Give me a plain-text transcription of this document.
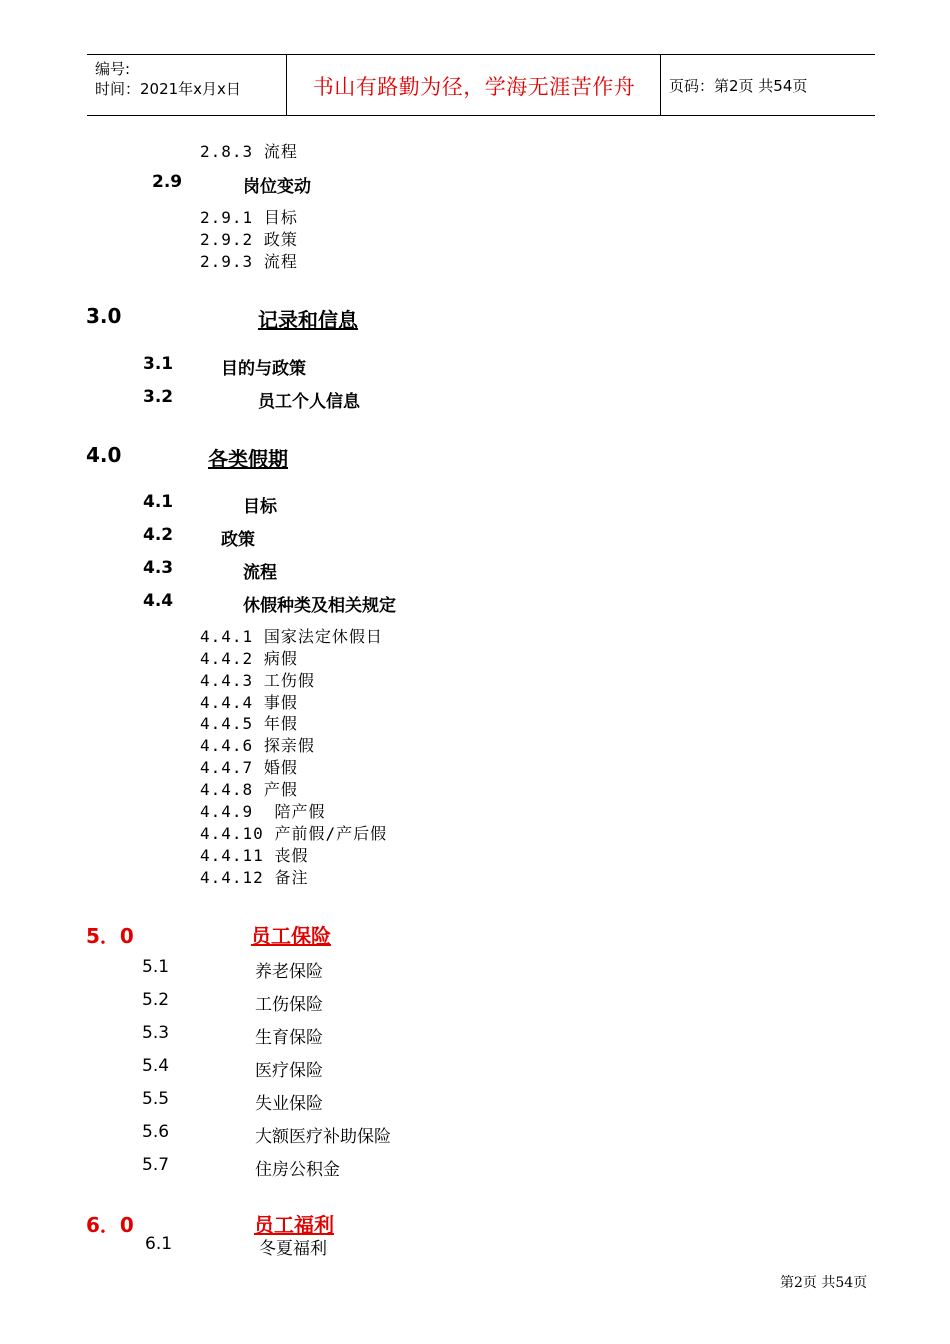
编号:
时间：2021年x月x日	书山有路勤为径，学海无涯苦作舟	页码：第2页 共54页
2.8.3 流程
2.9	岗位变动
2.9.1 目标
2.9.2 政策
2.9.3 流程
3.0	记录和信息
3.1	目的与政策
3.2	员工个人信息
4.0	各类假期
4.1	目标
4.2	政策
4.3	流程
4.4	休假种类及相关规定
4.4.1 国家法定休假日
4.4.2 病假
4.4.3 工伤假
4.4.4 事假
4.4.5 年假
4.4.6 探亲假
4.4.7 婚假
4.4.8 产假
4.4.9 陪产假
4.4.10 产前假/产后假
4.4.11 丧假
4.4.12 备注
5．0	员工保险
5.1	养老保险
5.2	工伤保险
5.3	生育保险
5.4	医疗保险
5.5	失业保险
5.6	大额医疗补助保险
5.7	住房公积金
6．0	员工福利
6.1	冬夏福利
第2页 共54页
